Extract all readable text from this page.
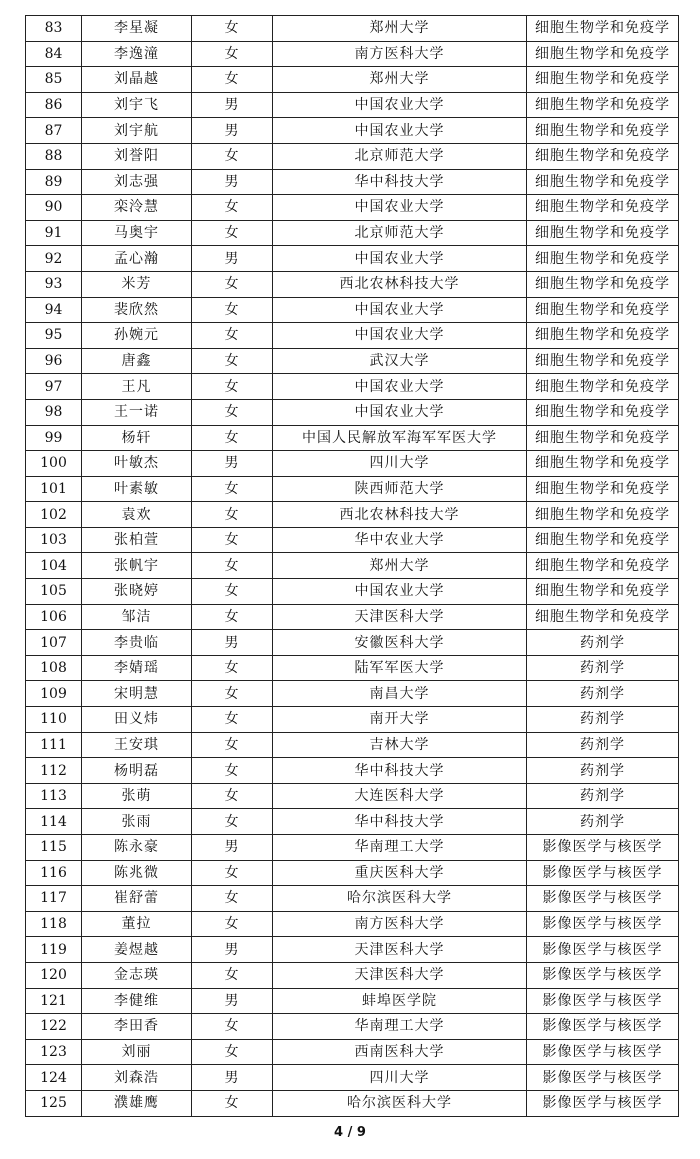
83	李星凝	女	郑州大学	细胞生物学和免疫学
84	李逸潼	女	南方医科大学	细胞生物学和免疫学
85	刘晶越	女	郑州大学	细胞生物学和免疫学
86	刘宇飞	男	中国农业大学	细胞生物学和免疫学
87	刘宇航	男	中国农业大学	细胞生物学和免疫学
88	刘誉阳	女	北京师范大学	细胞生物学和免疫学
89	刘志强	男	华中科技大学	细胞生物学和免疫学
90	栾泠慧	女	中国农业大学	细胞生物学和免疫学
91	马奥宇	女	北京师范大学	细胞生物学和免疫学
92	孟心瀚	男	中国农业大学	细胞生物学和免疫学
93	米芳	女	西北农林科技大学	细胞生物学和免疫学
94	裴欣然	女	中国农业大学	细胞生物学和免疫学
95	孙婉元	女	中国农业大学	细胞生物学和免疫学
96	唐鑫	女	武汉大学	细胞生物学和免疫学
97	王凡	女	中国农业大学	细胞生物学和免疫学
98	王一诺	女	中国农业大学	细胞生物学和免疫学
99	杨轩	女	中国人民解放军海军军医大学	细胞生物学和免疫学
100	叶敏杰	男	四川大学	细胞生物学和免疫学
101	叶素敏	女	陕西师范大学	细胞生物学和免疫学
102	袁欢	女	西北农林科技大学	细胞生物学和免疫学
103	张柏萱	女	华中农业大学	细胞生物学和免疫学
104	张帆宇	女	郑州大学	细胞生物学和免疫学
105	张晓婷	女	中国农业大学	细胞生物学和免疫学
106	邹洁	女	天津医科大学	细胞生物学和免疫学
107	李贵临	男	安徽医科大学	药剂学
108	李婧瑶	女	陆军军医大学	药剂学
109	宋明慧	女	南昌大学	药剂学
110	田义炜	女	南开大学	药剂学
111	王安琪	女	吉林大学	药剂学
112	杨明磊	女	华中科技大学	药剂学
113	张萌	女	大连医科大学	药剂学
114	张雨	女	华中科技大学	药剂学
115	陈永豪	男	华南理工大学	影像医学与核医学
116	陈兆微	女	重庆医科大学	影像医学与核医学
117	崔舒蕾	女	哈尔滨医科大学	影像医学与核医学
118	董拉	女	南方医科大学	影像医学与核医学
119	姜煜越	男	天津医科大学	影像医学与核医学
120	金志瑛	女	天津医科大学	影像医学与核医学
121	李健维	男	蚌埠医学院	影像医学与核医学
122	李田香	女	华南理工大学	影像医学与核医学
123	刘丽	女	西南医科大学	影像医学与核医学
124	刘森浩	男	四川大学	影像医学与核医学
125	濮雄鹰	女	哈尔滨医科大学	影像医学与核医学
4 / 9
